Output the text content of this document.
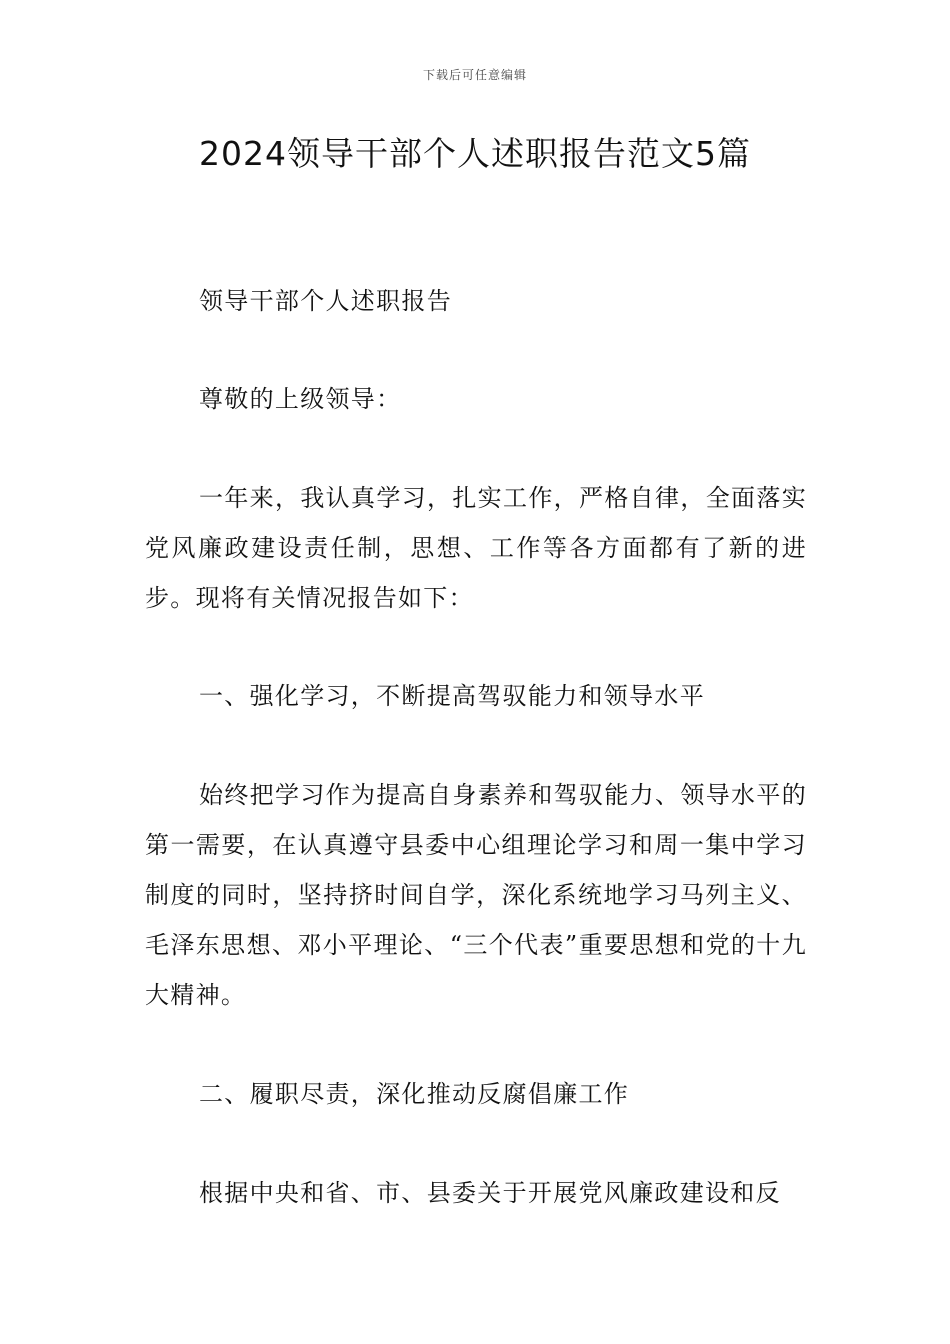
下载后可任意编辑
2024领导干部个人述职报告范文5篇

领导干部个人述职报告

尊敬的上级领导：

一年来，我认真学习，扎实工作，严格自律，全面落实党风廉政建设责任制，思想、工作等各方面都有了新的进步。现将有关情况报告如下：

一、强化学习，不断提高驾驭能力和领导水平

始终把学习作为提高自身素养和驾驭能力、领导水平的第一需要，在认真遵守县委中心组理论学习和周一集中学习制度的同时，坚持挤时间自学，深化系统地学习马列主义、毛泽东思想、邓小平理论、“三个代表”重要思想和党的十九大精神。

二、履职尽责，深化推动反腐倡廉工作

根据中央和省、市、县委关于开展党风廉政建设和反
